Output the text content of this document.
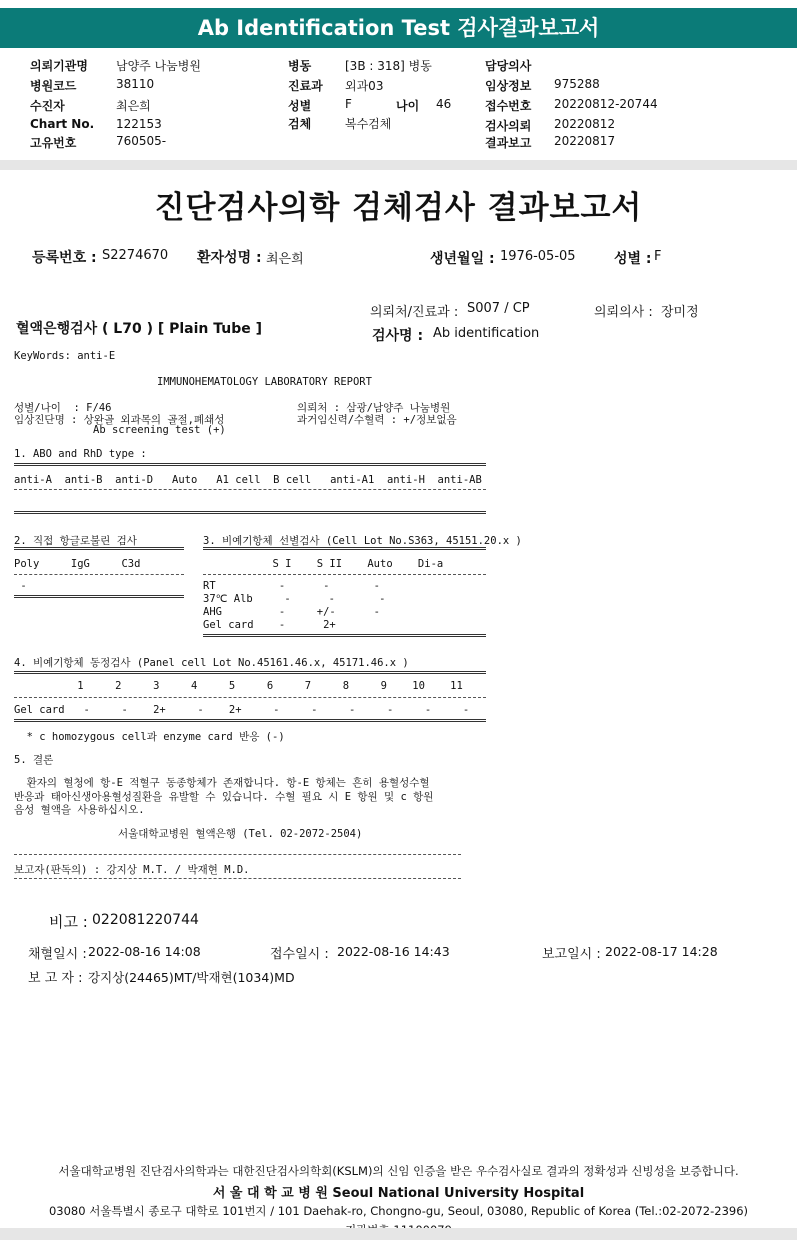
Ab Identification Test 검사결과보고서
의뢰기관명 남양주 나눔병원
병원코드	38110
수진자	최은희
Chart No. 122153
고유번호	760505-
병동	[3B : 318] 병동
진료과 외과03
성별	F	나이 46
검체	복수검체
담당의사
임상정보 975288
접수번호 20220812-20744
검사의뢰 20220812
결과보고 20220817
진단검사의학 검체검사 결과보고서
등록번호 : S2274670 환자성명 : 최은희	생년월일 : 1976-05-05	성별 : F
의뢰처/진료과 : S007 / CP	의뢰의사 : 장미정
혈액은행검사 ( L70 ) [ Plain Tube ]	검사명 : Ab identification
KeyWords: anti-E
IMMUNOHEMATOLOGY LABORATORY REPORT
성별/나이  : F/46
임상진단명 : 상완골 외과목의 골절,폐쇄성
Ab screening test (+)
의뢰처 : 삼광/남양주 나눔병원
과거임신력/수혈력 : +/정보없음
1. ABO and RhD type :
anti-A  anti-B  anti-D   Auto   A1 cell  B cell   anti-A1  anti-H  anti-AB
2. 직접 항글로불린 검사
Poly     IgG     C3d
-
3. 비예기항체 선별검사 (Cell Lot No.S363, 45151.20.x )
S I    S II    Auto    Di-a
RT          -      -       -
37℃ Alb     -      -       -
AHG         -     +/-      -
Gel card    -      2+
4. 비예기항체 동정검사 (Panel cell Lot No.45161.46.x, 45171.46.x )
1     2     3     4     5     6     7     8     9    10    11
Gel card   -     -    2+     -    2+     -     -     -     -     -     -
* c homozygous cell과 enzyme card 반응 (-)
5. 결론
환자의 혈청에 항-E 적혈구 동종항체가 존재합니다. 항-E 항체는 흔히 용혈성수혈
반응과 태아신생아용혈성질환을 유발할 수 있습니다. 수혈 필요 시 E 항원 및 c 항원
음성 혈액을 사용하십시오.
서울대학교병원 혈액은행 (Tel. 02-2072-2504)
보고자(판독의) : 강지상 M.T. / 박재현 M.D.
비고 : 022081220744
채혈일시 : 2022-08-16 14:08	접수일시 : 2022-08-16 14:43	보고일시 : 2022-08-17 14:28
보 고 자 : 강지상(24465)MT/박재현(1034)MD
서울대학교병원 진단검사의학과는 대한진단검사의학회(KSLM)의 신임 인증을 받은 우수검사실로 결과의 정확성과 신빙성을 보증합니다.
서 울 대 학 교 병 원 Seoul National University Hospital
03080 서울특별시 종로구 대학로 101번지 / 101 Daehak-ro, Chongno-gu, Seoul, 03080, Republic of Korea (Tel.:02-2072-2396)
